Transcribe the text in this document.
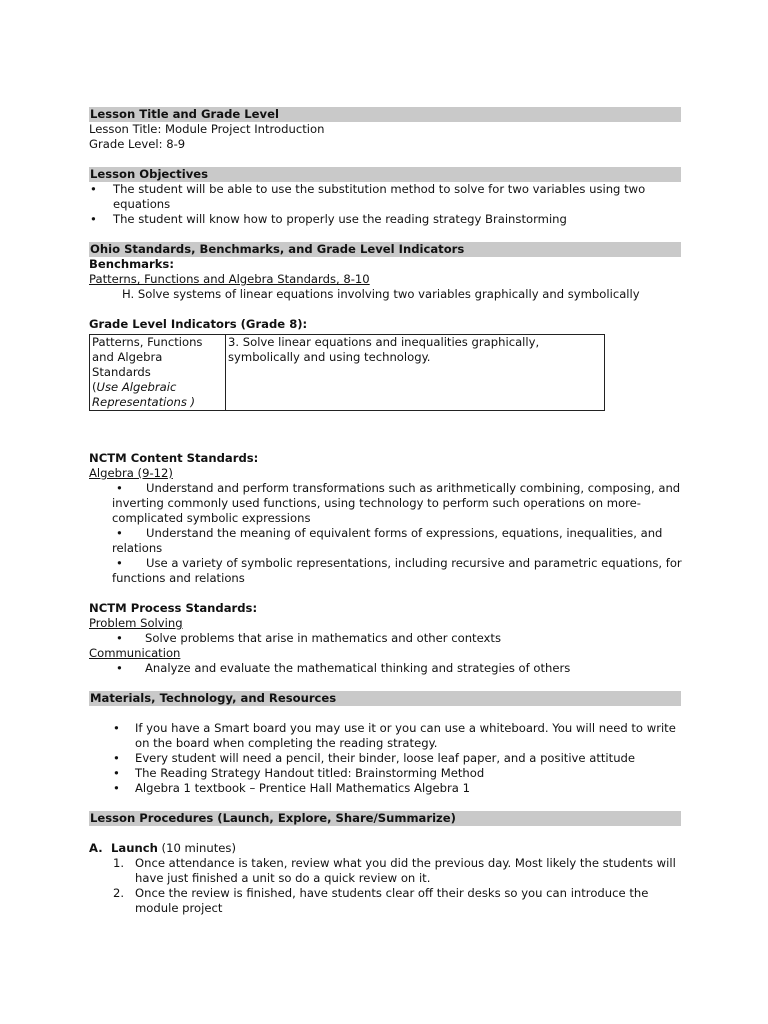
Lesson Title and Grade Level
Lesson Title: Module Project Introduction
Grade Level: 8-9
Lesson Objectives
• The student will be able to use the substitution method to solve for two variables using two equations
• The student will know how to properly use the reading strategy Brainstorming
Ohio Standards, Benchmarks, and Grade Level Indicators
Benchmarks:
Patterns, Functions and Algebra Standards, 8-10
H. Solve systems of linear equations involving two variables graphically and symbolically
Grade Level Indicators (Grade 8):
Patterns, Functions
and Algebra Standards
(Use Algebraic Representations )	3. Solve linear equations and inequalities graphically, symbolically and using technology.
NCTM Content Standards:
Algebra (9-12)
•	Understand and perform transformations such as arithmetically combining, composing, and
inverting commonly used functions, using technology to perform such operations on more-complicated symbolic expressions
•	Understand the meaning of equivalent forms of expressions, equations, inequalities, and
relations
•	Use a variety of symbolic representations, including recursive and parametric equations, for
functions and relations
NCTM Process Standards:
Problem Solving
• Solve problems that arise in mathematics and other contexts
Communication
• Analyze and evaluate the mathematical thinking and strategies of others
Materials, Technology, and Resources
• If you have a Smart board you may use it or you can use a whiteboard. You will need to write on the board when completing the reading strategy.
• Every student will need a pencil, their binder, loose leaf paper, and a positive attitude
• The Reading Strategy Handout titled: Brainstorming Method
• Algebra 1 textbook – Prentice Hall Mathematics Algebra 1
Lesson Procedures (Launch, Explore, Share/Summarize)
A. Launch (10 minutes)
1. Once attendance is taken, review what you did the previous day. Most likely the students will have just finished a unit so do a quick review on it.
2. Once the review is finished, have students clear off their desks so you can introduce the module project
